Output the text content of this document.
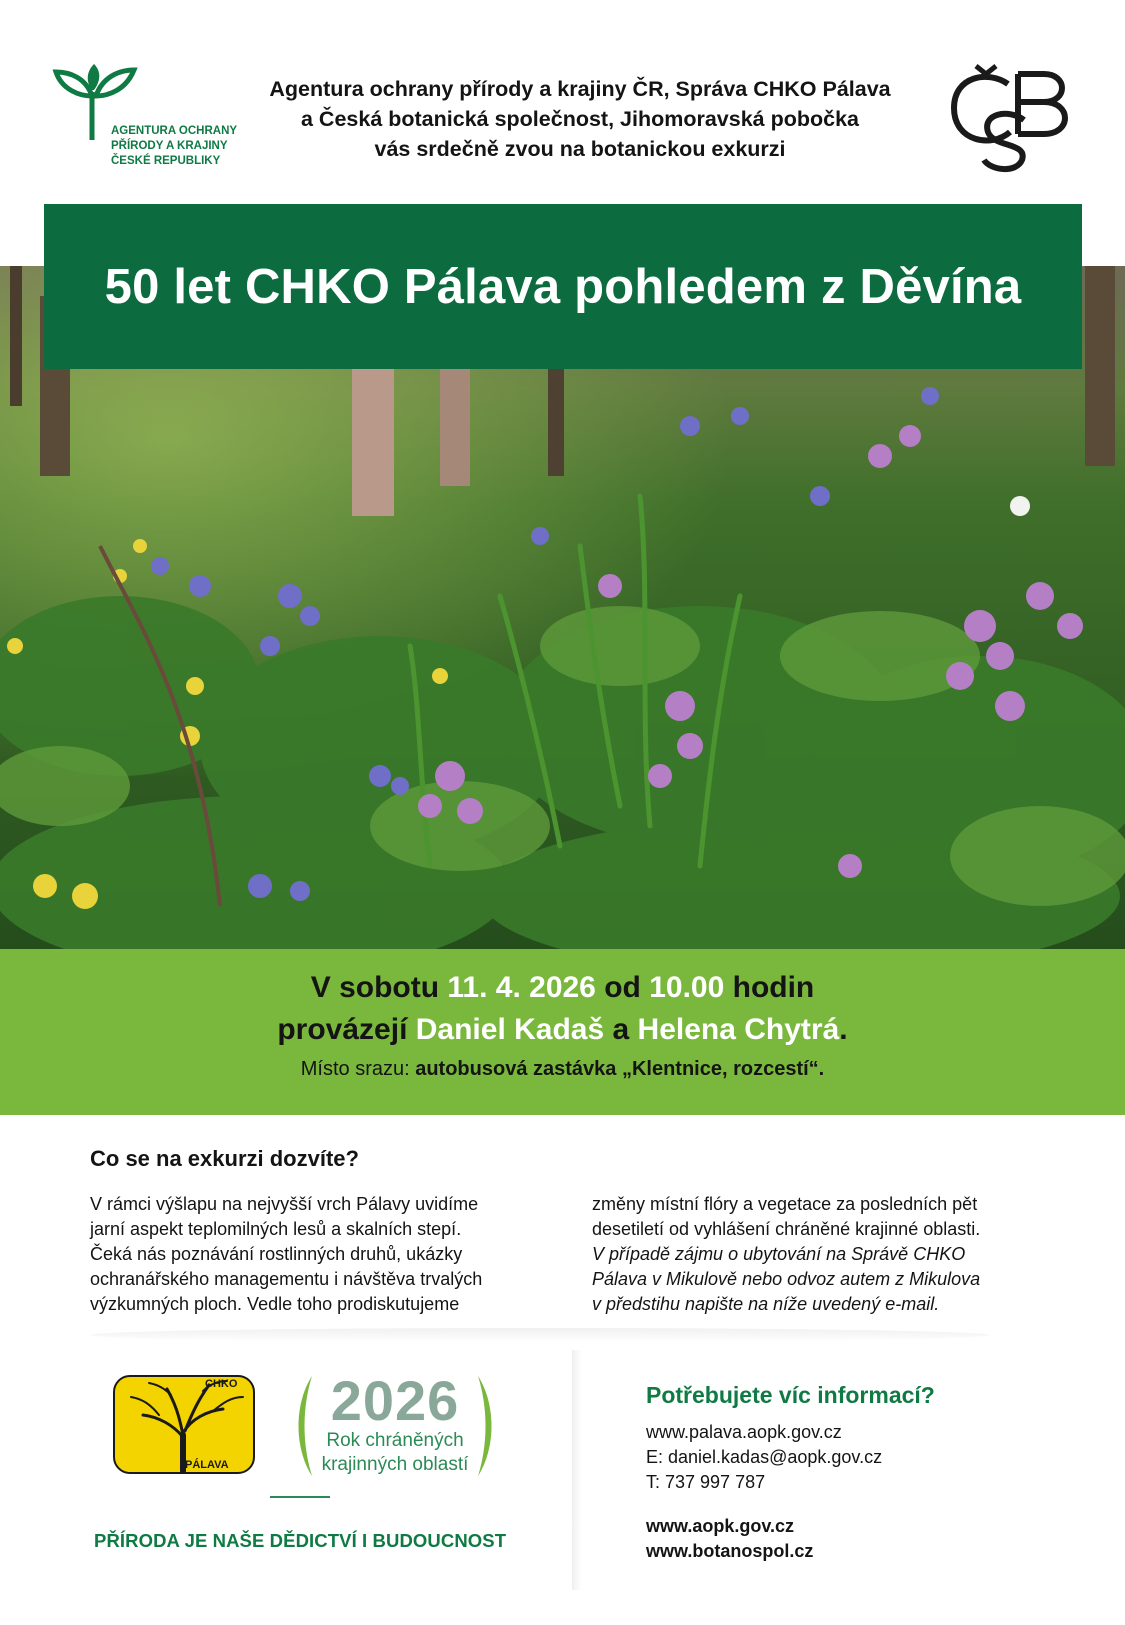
AGENTURA OCHRANY
PŘÍRODY A KRAJINY
ČESKÉ REPUBLIKY
Agentura ochrany přírody a krajiny ČR, Správa CHKO Pálava
a Česká botanická společnost, Jihomoravská pobočka
vás srdečně zvou na botanickou exkurzi
50 let CHKO Pálava pohledem z Děvína
V sobotu 11. 4. 2026 od 10.00 hodin
provázejí Daniel Kadaš a Helena Chytrá.
Místo srazu: autobusová zastávka „Klentnice, rozcestí“.
Co se na exkurzi dozvíte?
V rámci výšlapu na nejvyšší vrch Pálavy uvidíme
jarní aspekt teplomilných lesů a skalních stepí.
Čeká nás poznávání rostlinných druhů, ukázky
ochranářského managementu i návštěva trvalých
výzkumných ploch. Vedle toho prodiskutujeme
změny místní flóry a vegetace za posledních pět
desetiletí od vyhlášení chráněné krajinné oblasti.
V případě zájmu o ubytování na Správě CHKO
Pálava v Mikulově nebo odvoz autem z Mikulova
v předstihu napište na níže uvedený e-mail.
CHKO
PÁLAVA
2026
Rok chráněných
krajinných oblastí
PŘÍRODA JE NAŠE DĚDICTVÍ I BUDOUCNOST
Potřebujete víc informací?
www.palava.aopk.gov.cz
E: daniel.kadas@aopk.gov.cz
T: 737 997 787
www.aopk.gov.cz
www.botanospol.cz
